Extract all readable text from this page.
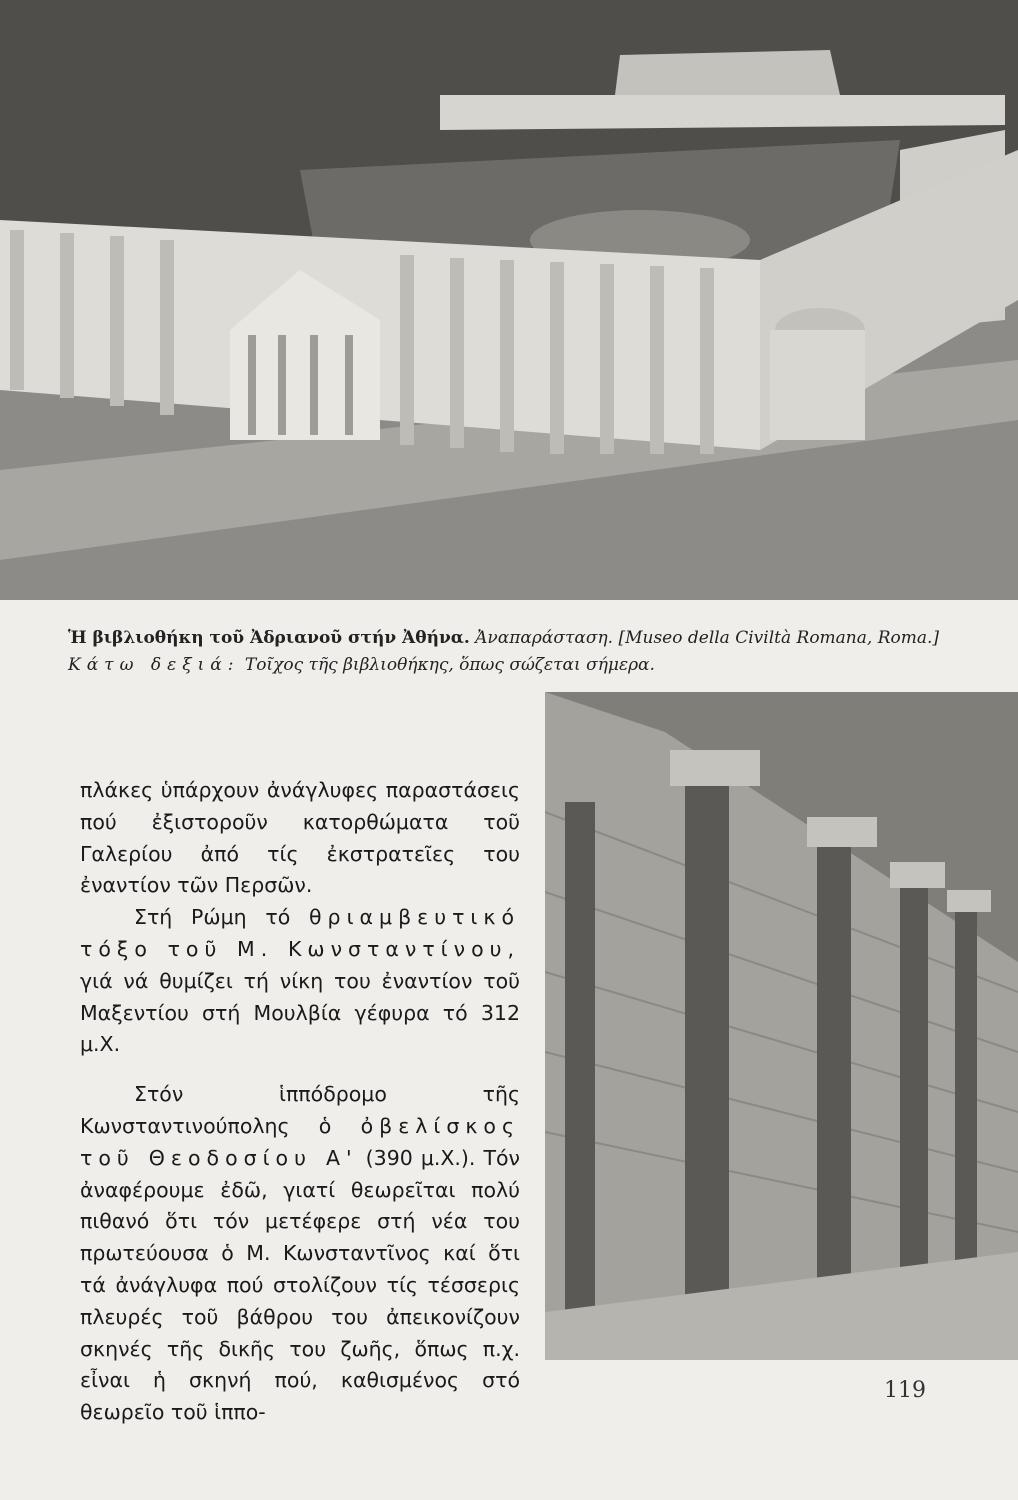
Ἡ βιβλιοθήκη τοῦ Ἀδριανοῦ στήν Ἀθήνα. Ἀναπαράσταση. [Museo della Civiltà Romana, Roma.] Κάτω δεξιά: Τοῖχος τῆς βιβλιοθήκης, ὅπως σώζεται σήμερα.

πλάκες ὑπάρχουν ἀνάγλυφες παραστάσεις πού ἐξιστοροῦν κατορθώματα τοῦ Γαλερίου ἀπό τίς ἐκστρατεῖες του ἐναντίον τῶν Περσῶν.

Στή Ρώμη τό θριαμβευτικό τόξο τοῦ Μ. Κωνσταντίνου, γιά νά θυμίζει τή νίκη του ἐναντίον τοῦ Μαξεντίου στή Μουλβία γέφυρα τό 312 μ.Χ.

Στόν ἱππόδρομο τῆς Κωνσταντινούπολης ὁ ὀβελίσκος τοῦ Θεοδοσίου Α' (390 μ.Χ.). Τόν ἀναφέρουμε ἐδῶ, γιατί θεωρεῖται πολύ πιθανό ὅτι τόν μετέφερε στή νέα του πρωτεύουσα ὁ Μ. Κωνσταντῖνος καί ὅτι τά ἀνάγλυφα πού στολίζουν τίς τέσσερις πλευρές τοῦ βάθρου του ἀπεικονίζουν σκηνές τῆς δικῆς του ζωῆς, ὅπως π.χ. εἶναι ἡ σκηνή πού, καθισμένος στό θεωρεῖο τοῦ ἱππο-

119
